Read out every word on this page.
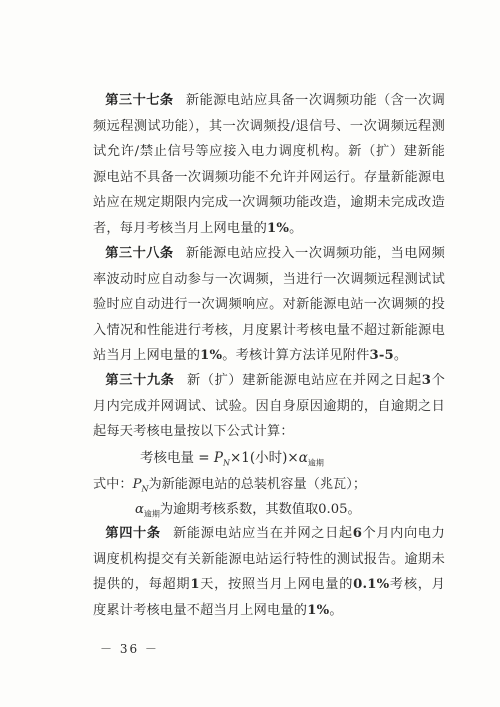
第三十七条 新能源电站应具备一次调频功能（含一次调频远程测试功能），其一次调频投/退信号、一次调频远程测试允许/禁止信号等应接入电力调度机构。新（扩）建新能源电站不具备一次调频功能不允许并网运行。存量新能源电站应在规定期限内完成一次调频功能改造，逾期未完成改造者，每月考核当月上网电量的1%。
第三十八条 新能源电站应投入一次调频功能，当电网频率波动时应自动参与一次调频，当进行一次调频远程测试试验时应自动进行一次调频响应。对新能源电站一次调频的投入情况和性能进行考核，月度累计考核电量不超过新能源电站当月上网电量的1%。考核计算方法详见附件3-5。
第三十九条 新（扩）建新能源电站应在并网之日起3个月内完成并网调试、试验。因自身原因逾期的，自逾期之日起每天考核电量按以下公式计算：
考核电量 = $P_N\times 1$(小时)$\times\alpha_{逾期}$
式中：$P_N$为新能源电站的总装机容量（兆瓦）；
$\alpha_{逾期}$为逾期考核系数，其数值取0.05。
第四十条 新能源电站应当在并网之日起6个月内向电力调度机构提交有关新能源电站运行特性的测试报告。逾期未提供的，每超期1天，按照当月上网电量的0.1%考核，月度累计考核电量不超当月上网电量的1%。
－ 36 －
